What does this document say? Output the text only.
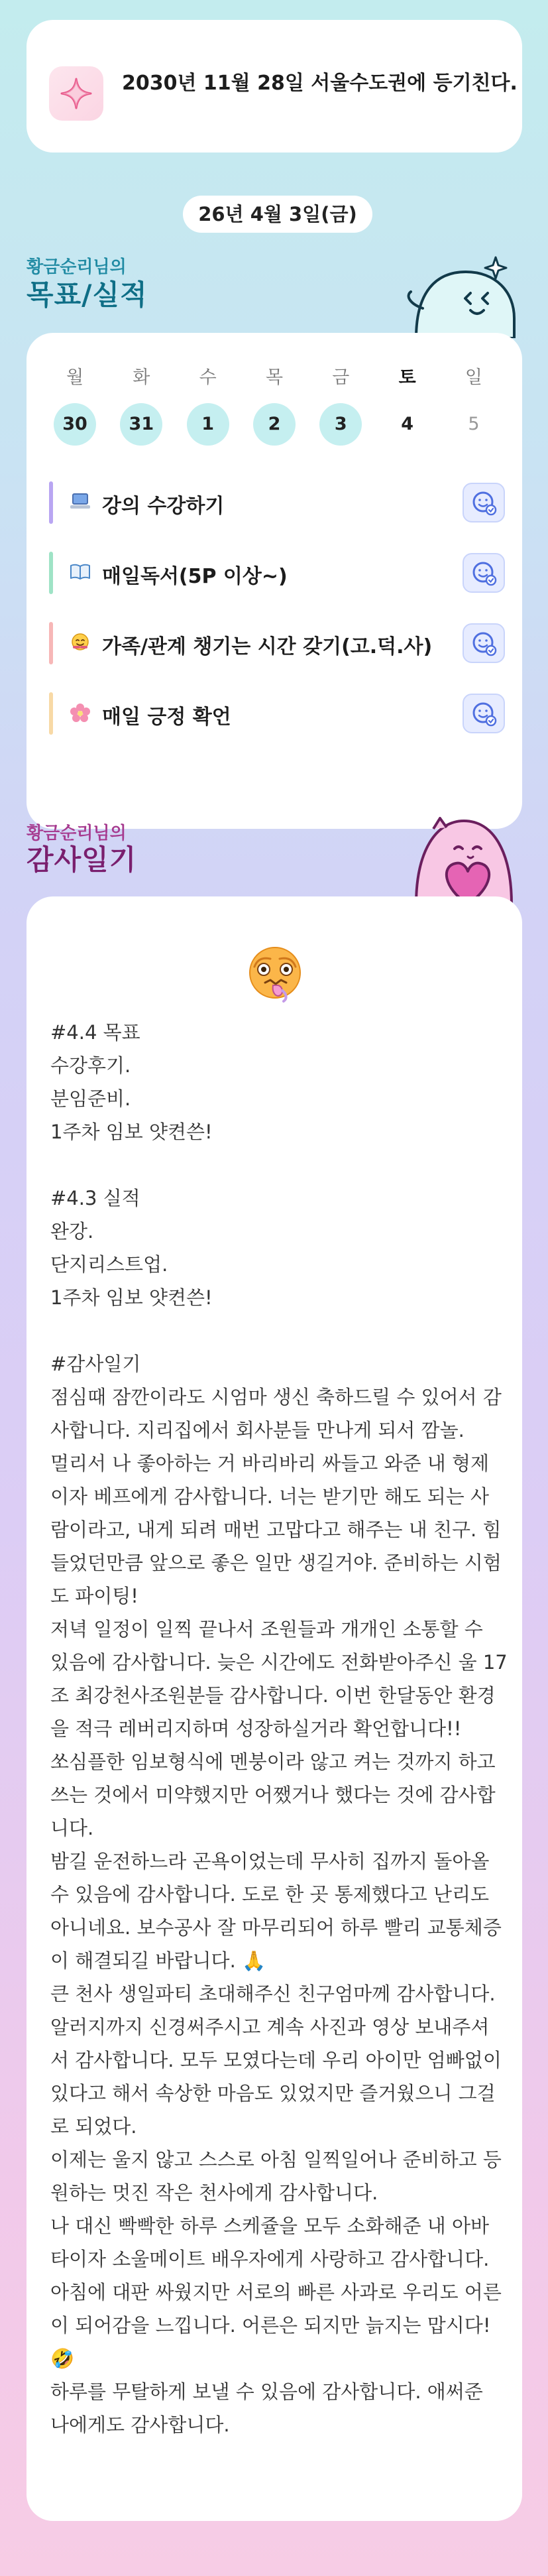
2030년 11월 28일 서울수도권에 등기친다.
26년 4월 3일(금)
황금순리님의
목표/실적
월
30
화
31
수
1
목
2
금
3
토
4
일
5
강의 수강하기
매일독서(5P 이상~)
가족/관계 챙기는 시간 갖기(고.덕.사)
매일 긍정 확언
황금순리님의
감사일기
#4.4 목표
수강후기.
분임준비.
1주차 임보 얏켠쓴!

#4.3 실적
완강.
단지리스트업.
1주차 임보 얏켠쓴!

#감사일기
점심때 잠깐이라도 시엄마 생신 축하드릴 수 있어서 감사합니다. 지리집에서 회사분들 만나게 되서 깜놀.
멀리서 나 좋아하는 거 바리바리 싸들고 와준 내 형제이자 베프에게 감사합니다. 너는 받기만 해도 되는 사람이라고, 내게 되려 매번 고맙다고 해주는 내 친구. 힘들었던만큼 앞으로 좋은 일만 생길거야. 준비하는 시험도 파이팅!
저녁 일정이 일찍 끝나서 조원들과 개개인 소통할 수 있음에 감사합니다. 늦은 시간에도 전화받아주신 울 17조 최강천사조원분들 감사합니다. 이번 한달동안 환경을 적극 레버리지하며 성장하실거라 확언합니다!!
쏘심플한 임보형식에 멘붕이라 않고 켜는 것까지 하고 쓰는 것에서 미약했지만 어쨌거나 했다는 것에 감사합니다.
밤길 운전하느라 곤욕이었는데 무사히 집까지 돌아올 수 있음에 감사합니다. 도로 한 곳 통제했다고 난리도 아니네요. 보수공사 잘 마무리되어 하루 빨리 교통체증이 해결되길 바랍니다. 🙏
큰 천사 생일파티 초대해주신 친구엄마께 감사합니다. 알러지까지 신경써주시고 계속 사진과 영상 보내주셔서 감사합니다. 모두 모였다는데 우리 아이만 엄빠없이 있다고 해서 속상한 마음도 있었지만 즐거웠으니 그걸로 되었다.
이제는 울지 않고 스스로 아침 일찍일어나 준비하고 등원하는 멋진 작은 천사에게 감사합니다.
나 대신 빡빡한 하루 스케쥴을 모두 소화해준 내 아바타이자 소울메이트 배우자에게 사랑하고 감사합니다. 아침에 대판 싸웠지만 서로의 빠른 사과로 우리도 어른이 되어감을 느낍니다. 어른은 되지만 늙지는 맙시다! 🤣
하루를 무탈하게 보낼 수 있음에 감사합니다. 애써준 나에게도 감사합니다.
